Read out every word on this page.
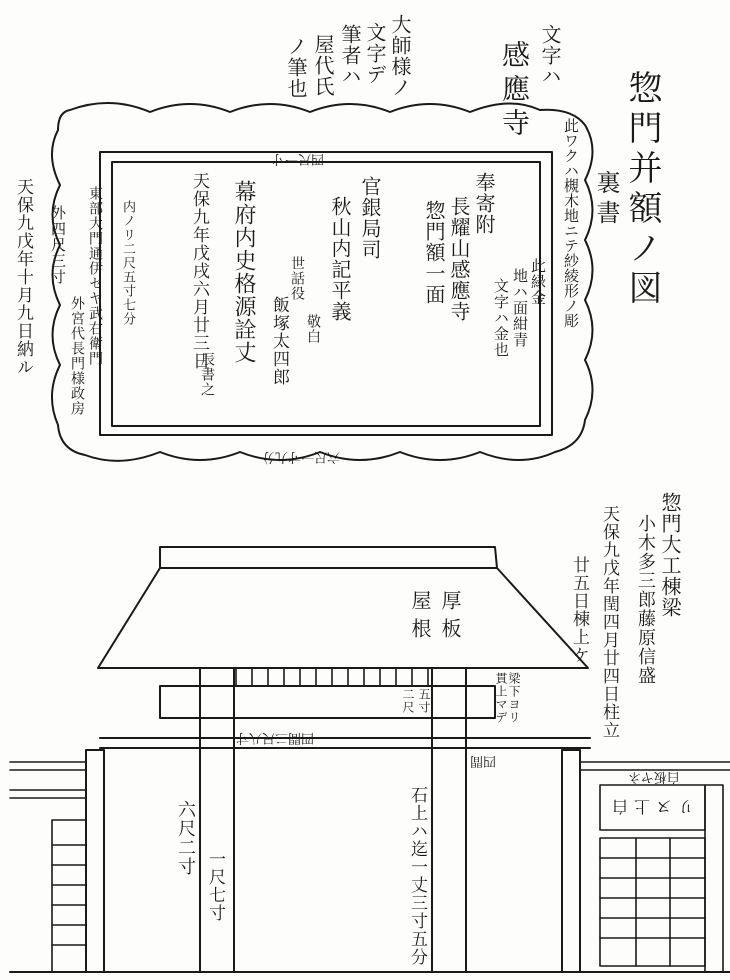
文字ハ
感應寺
大師様ノ
文字デ
筆者ハ
屋代氏
ノ筆也
惣門并額ノ図
裏書
此ワクハ槻木地ニテ紗綾形ノ彫
此緑金
地ハ面紺青
文字ハ金也
奉寄附
長耀山感應寺
惣門額一面
官銀局司
秋山内記平義
世話役
敬白
飯塚太四郎
幕府内史格源詮丈
天保九年戊戌六月廿三日
辰書之
内ノリ二尺五寸七分
東部大門通伊セヤ武右衛門
外宮代長門様政房
四尺一寸
六尺一寸九分
外四尺三寸
天保九戊年十月九日納ル
惣門大工棟梁
小木多三郎藤原信盛
天保九戊年閏四月廿四日柱立
廿五日棟上ケ
厚
板
屋
根
梁下ヨリ
貫上マデ
二尺 五寸
四間二尺八寸
四間
六尺二寸
一尺七寸	石上ハ迄一丈三寸五分
白板ヤネ
リヌ上白
